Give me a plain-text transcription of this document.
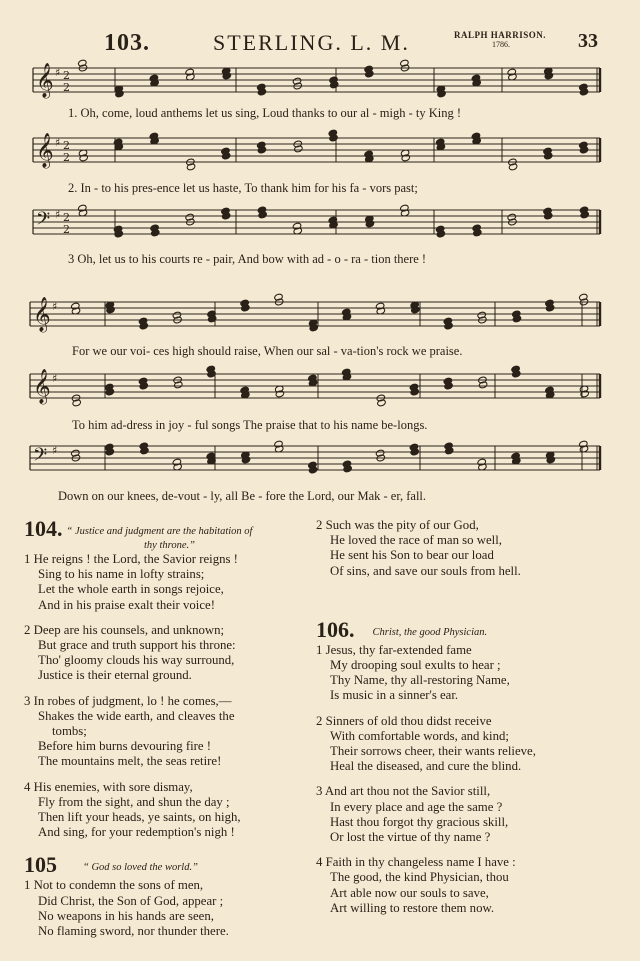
103.	STERLING. L. M.	RALPH HARRISON.
1786.	33
𝄞 ♯ 2
2
𝄞 ♯ 2
2
𝄢 ♯ 2
2
𝄞 ♯
𝄞 ♯
𝄢 ♯
1. Oh, come, loud anthems let us sing, Loud thanks to our al - migh - ty King !
2. In - to his pres-ence let us haste, To thank him for his fa - vors past;
3 Oh, let us to his courts re - pair, And bow with ad - o - ra - tion there !
For we our voi- ces high should raise, When our sal - va-tion's rock we praise.
To him ad-dress in joy - ful songs The praise that to his name be-longs.
Down on our knees, de-vout - ly, all Be - fore the Lord, our Mak - er, fall.
104. “ Justice and judgment are the habitation of
thy throne.”
1 He reigns ! the Lord, the Savior reigns !
Sing to his name in lofty strains;
Let the whole earth in songs rejoice,
And in his praise exalt their voice!
2 Deep are his counsels, and unknown;
But grace and truth support his throne:
Tho' gloomy clouds his way surround,
Justice is their eternal ground.
3 In robes of judgment, lo ! he comes,—
Shakes the wide earth, and cleaves the
tombs;
Before him burns devouring fire !
The mountains melt, the seas retire!
4 His enemies, with sore dismay,
Fly from the sight, and shun the day ;
Then lift your heads, ye saints, on high,
And sing, for your redemption's nigh !
105 “ God so loved the world.”
1 Not to condemn the sons of men,
Did Christ, the Son of God, appear ;
No weapons in his hands are seen,
No flaming sword, nor thunder there.
2 Such was the pity of our God,
He loved the race of man so well,
He sent his Son to bear our load
Of sins, and save our souls from hell.
106. Christ, the good Physician.
1 Jesus, thy far-extended fame
My drooping soul exults to hear ;
Thy Name, thy all-restoring Name,
Is music in a sinner's ear.
2 Sinners of old thou didst receive
With comfortable words, and kind;
Their sorrows cheer, their wants relieve,
Heal the diseased, and cure the blind.
3 And art thou not the Savior still,
In every place and age the same ?
Hast thou forgot thy gracious skill,
Or lost the virtue of thy name ?
4 Faith in thy changeless name I have :
The good, the kind Physician, thou
Art able now our souls to save,
Art willing to restore them now.
